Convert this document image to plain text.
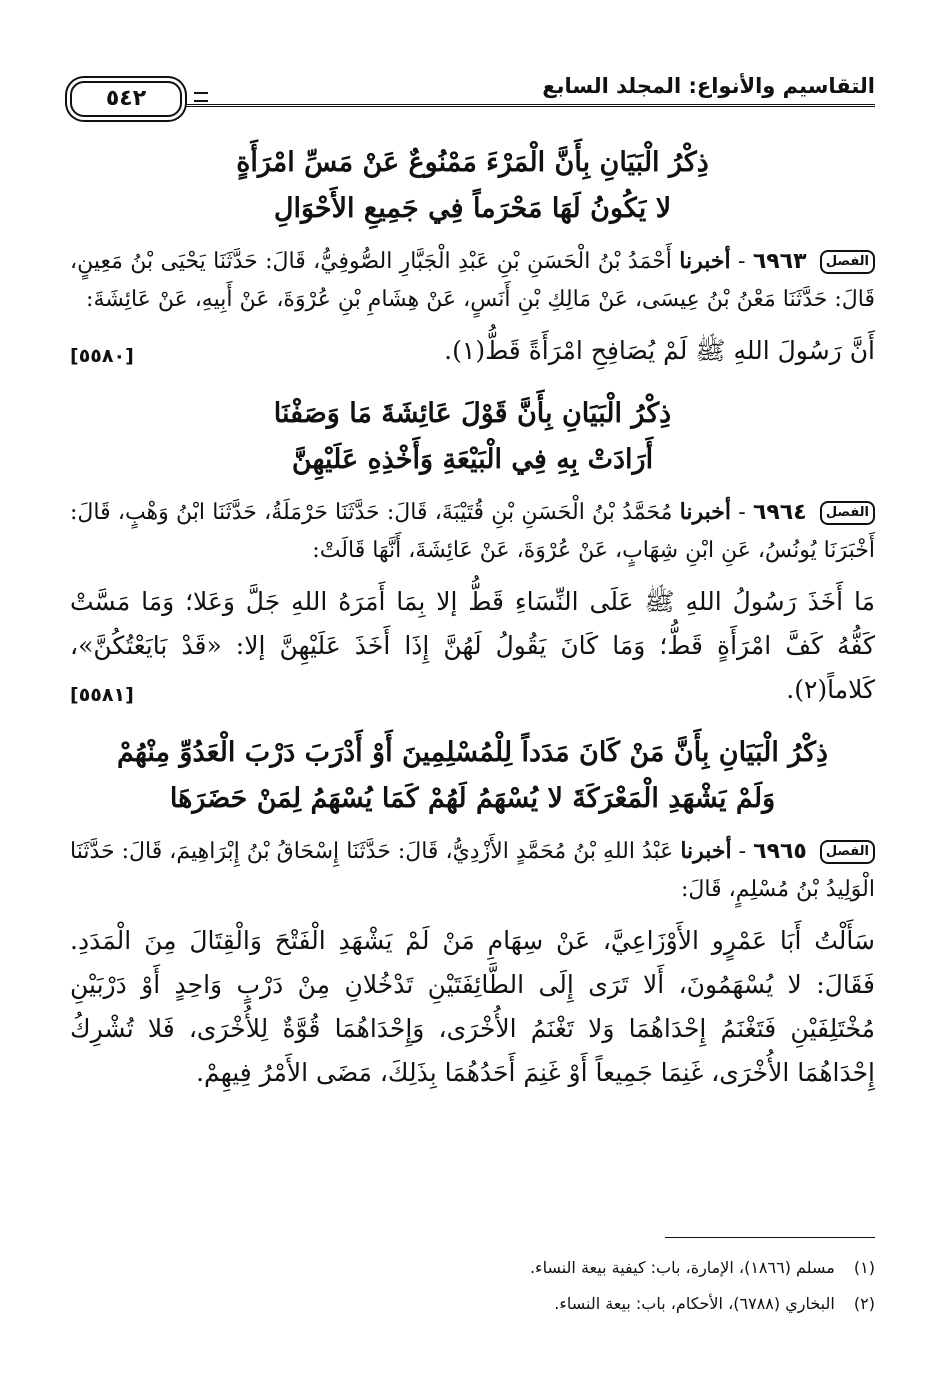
التقاسيم والأنواع: المجلد السابع
٥٤٢
ذِكْرُ الْبَيَانِ بِأَنَّ الْمَرْءَ مَمْنُوعٌ عَنْ مَسِّ امْرَأَةٍ
لا يَكُونُ لَهَا مَحْرَماً فِي جَمِيعِ الأَحْوَالِ

الفصل ٦٩٦٣ - أخبرنا أَحْمَدُ بْنُ الْحَسَنِ بْنِ عَبْدِ الْجَبَّارِ الصُّوفِيُّ، قَالَ: حَدَّثَنَا يَحْيَى بْنُ مَعِينٍ، قَالَ: حَدَّثَنَا مَعْنُ بْنُ عِيسَى، عَنْ مَالِكِ بْنِ أَنَسٍ، عَنْ هِشَامِ بْنِ عُرْوَةَ، عَنْ أَبِيهِ، عَنْ عَائِشَةَ:

أَنَّ رَسُولَ اللهِ ﷺ لَمْ يُصَافِحِ امْرَأَةً قَطُّ(١).

[٥٥٨٠]
ذِكْرُ الْبَيَانِ بِأَنَّ قَوْلَ عَائِشَةَ مَا وَصَفْنَا
أَرَادَتْ بِهِ فِي الْبَيْعَةِ وَأَخْذِهِ عَلَيْهِنَّ

الفصل ٦٩٦٤ - أخبرنا مُحَمَّدُ بْنُ الْحَسَنِ بْنِ قُتَيْبَةَ، قَالَ: حَدَّثَنَا حَرْمَلَةُ، حَدَّثَنَا ابْنُ وَهْبٍ، قَالَ: أَخْبَرَنَا يُونُسُ، عَنِ ابْنِ شِهَابٍ، عَنْ عُرْوَةَ، عَنْ عَائِشَةَ، أَنَّهَا قَالَتْ:

مَا أَخَذَ رَسُولُ اللهِ ﷺ عَلَى النِّسَاءِ قَطُّ إلا بِمَا أَمَرَهُ اللهِ جَلَّ وَعَلا؛ وَمَا مَسَّتْ كَفُّهُ كَفَّ امْرَأَةٍ قَطُّ؛ وَمَا كَانَ يَقُولُ لَهُنَّ إِذَا أَخَذَ عَلَيْهِنَّ إلا: «قَدْ بَايَعْتُكُنَّ»، كَلاماً(٢).

[٥٥٨١]
ذِكْرُ الْبَيَانِ بِأَنَّ مَنْ كَانَ مَدَداً لِلْمُسْلِمِينَ أَوْ أَدْرَبَ دَرْبَ الْعَدُوِّ مِنْهُمْ
وَلَمْ يَشْهَدِ الْمَعْرَكَةَ لا يُسْهَمُ لَهُمْ كَمَا يُسْهَمُ لِمَنْ حَضَرَهَا

الفصل ٦٩٦٥ - أخبرنا عَبْدُ اللهِ بْنُ مُحَمَّدٍ الأَزْدِيُّ، قَالَ: حَدَّثَنَا إِسْحَاقُ بْنُ إِبْرَاهِيمَ، قَالَ: حَدَّثَنَا الْوَلِيدُ بْنُ مُسْلِمٍ، قَالَ:

سَأَلْتُ أَبَا عَمْرٍو الأَوْزَاعِيَّ، عَنْ سِهَامِ مَنْ لَمْ يَشْهَدِ الْفَتْحَ وَالْقِتَالَ مِنَ الْمَدَدِ. فَقَالَ: لا يُسْهَمُونَ، أَلا تَرَى إِلَى الطَّائِفَتَيْنِ تَدْخُلانِ مِنْ دَرْبٍ وَاحِدٍ أَوْ دَرْبَيْنِ مُخْتَلِفَيْنِ فَتَغْنَمُ إِحْدَاهُمَا وَلا تَغْنَمُ الأُخْرَى، وَإِحْدَاهُمَا قُوَّةٌ لِلأُخْرَى، فَلا تُشْرِكُ إِحْدَاهُمَا الأُخْرَى، غَنِمَا جَمِيعاً أَوْ غَنِمَ أَحَدُهُمَا بِذَلِكَ، مَضَى الأَمْرُ فِيهِمْ.

(١) مسلم (١٨٦٦)، الإمارة، باب: كيفية بيعة النساء.
(٢) البخاري (٦٧٨٨)، الأحكام، باب: بيعة النساء.
